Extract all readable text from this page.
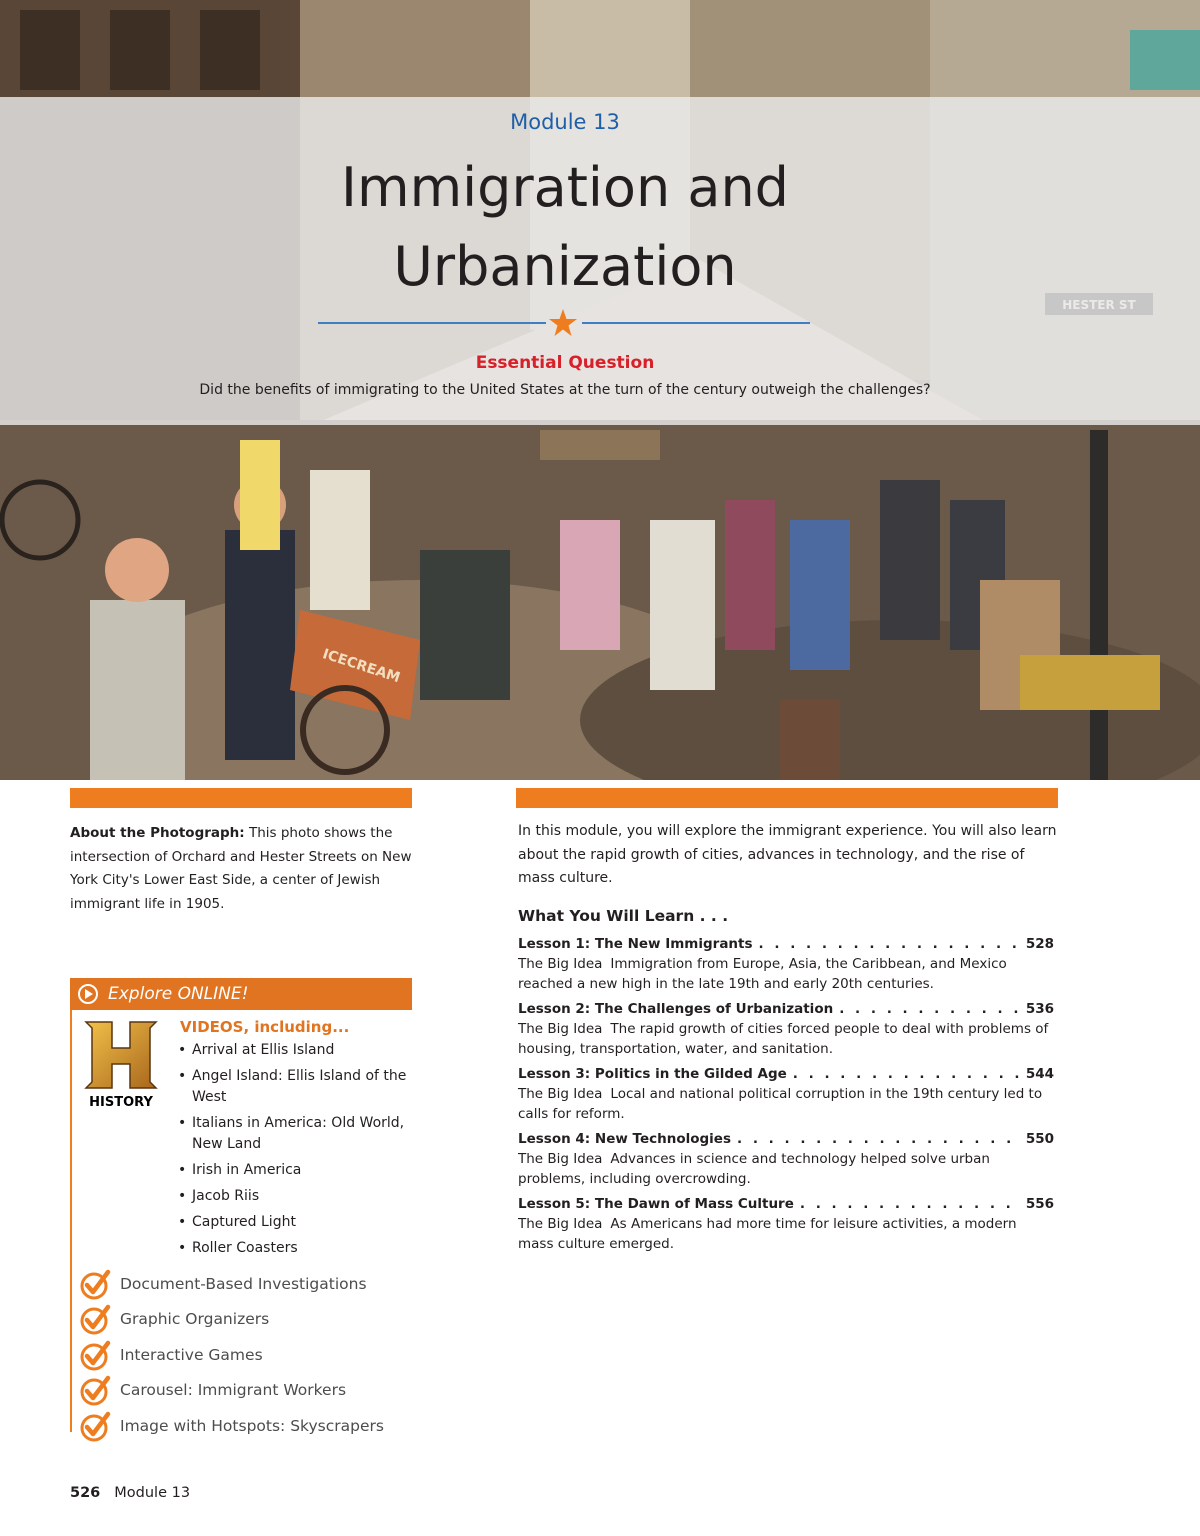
ICECREAM
Module 13
Immigration and
Urbanization
Essential Question
Did the benefits of immigrating to the United States at the turn of the century outweigh the challenges?
About the Photograph: This photo shows the intersection of Orchard and Hester Streets on New York City's Lower East Side, a center of Jewish immigrant life in 1905.
Explore ONLINE!
HISTORY
VIDEOS, including...
• Arrival at Ellis Island
• Angel Island: Ellis Island of the West
• Italians in America: Old World, New Land
• Irish in America
• Jacob Riis
• Captured Light
• Roller Coasters
Document-Based Investigations
Graphic Organizers
Interactive Games
Carousel: Immigrant Workers
Image with Hotspots: Skyscrapers
In this module, you will explore the immigrant experience. You will also learn about the rapid growth of cities, advances in technology, and the rise of mass culture.
What You Will Learn . . .
Lesson 1: The New Immigrants . . .	528
The Big Idea Immigration from Europe, Asia, the Caribbean, and Mexico reached a new high in the late 19th and early 20th centuries.
Lesson 2: The Challenges of Urbanization . . .	536
The Big Idea The rapid growth of cities forced people to deal with problems of housing, transportation, water, and sanitation.
Lesson 3: Politics in the Gilded Age . . .	544
The Big Idea Local and national political corruption in the 19th century led to calls for reform.
Lesson 4: New Technologies . . .	550
The Big Idea Advances in science and technology helped solve urban problems, including overcrowding.
Lesson 5: The Dawn of Mass Culture . . .	556
The Big Idea As Americans had more time for leisure activities, a modern mass culture emerged.
526 Module 13
